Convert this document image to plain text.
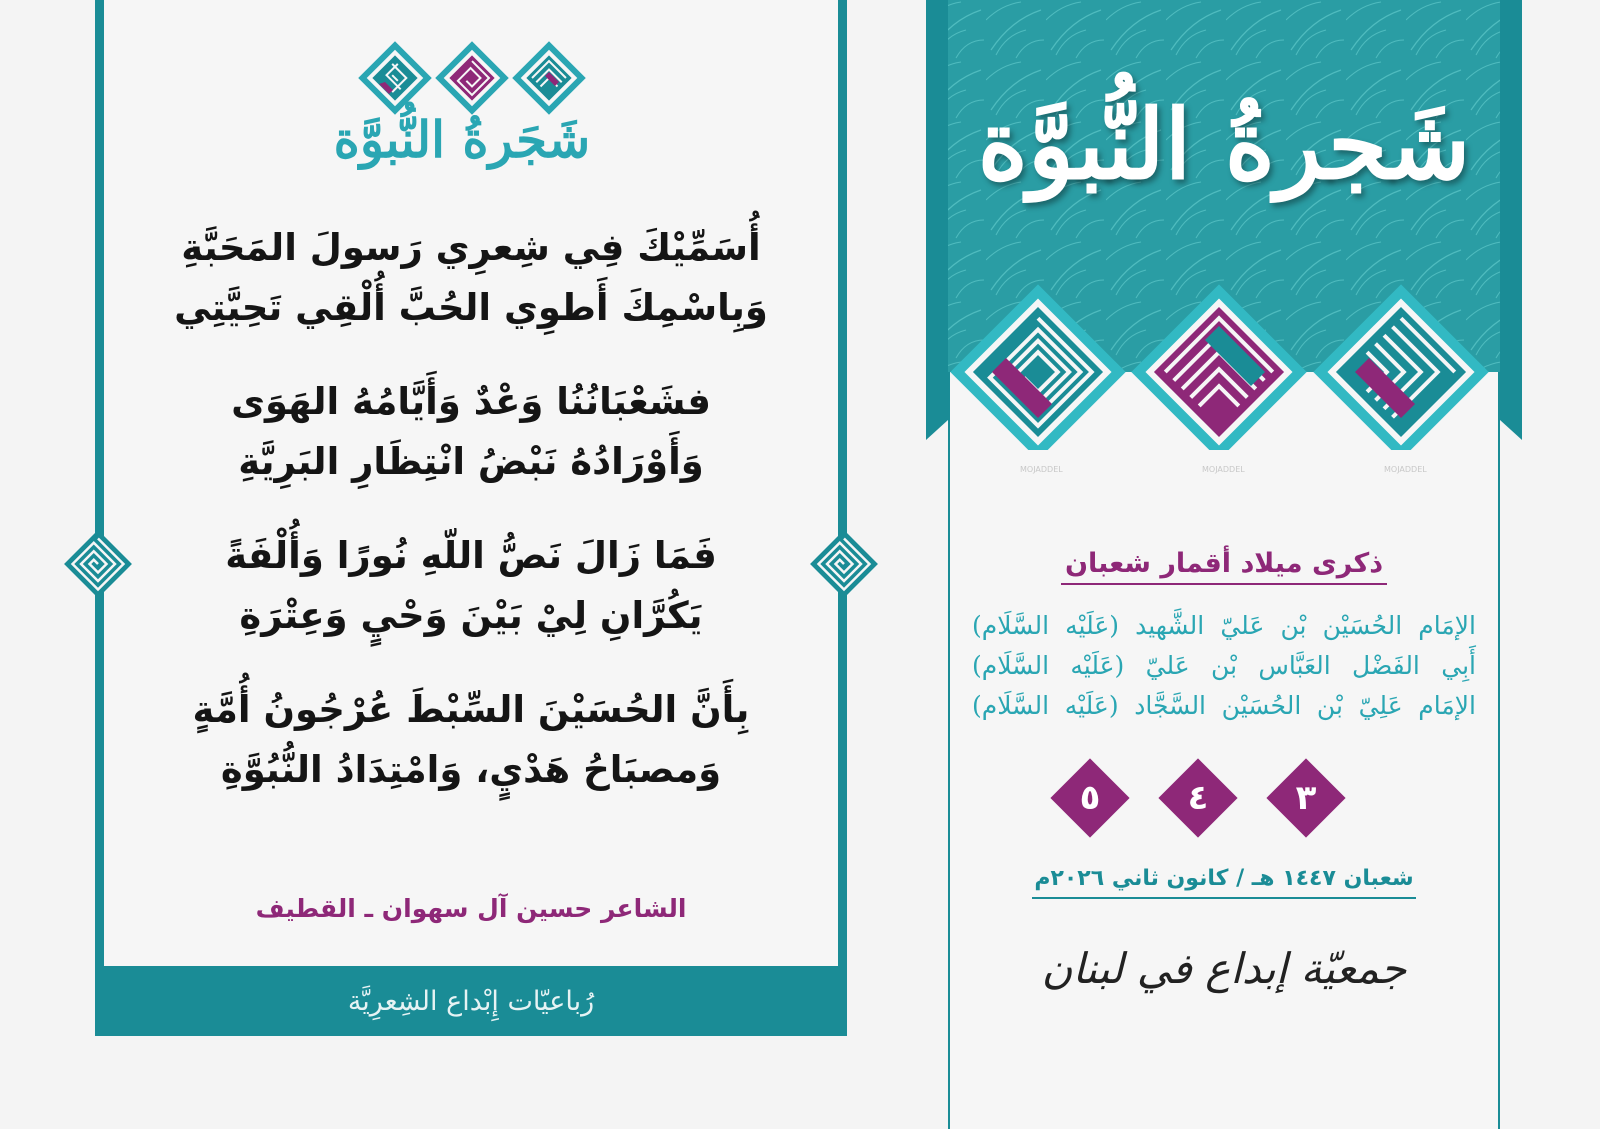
شَجَرةُ النُّبوَّة
أُسَمِّيْكَ فِي شِعرِي رَسولَ المَحَبَّةِ
وَبِاسْمِكَ أَطوِي الحُبَّ أُلْقِي تَحِيَّتِي
فشَعْبَانُنُا وَعْدٌ وَأَيَّامُهُ الهَوَى
وَأَوْرَادُهُ نَبْضُ انْتِظَارِ البَرِيَّةِ
فَمَا زَالَ نَصُّ اللّهِ نُورًا وَأُلْفَةً
يَكُرَّانِ لِيْ بَيْنَ وَحْيٍ وَعِتْرَةِ
بِأَنَّ الحُسَيْنَ السِّبْطَ عُرْجُونُ أُمَّةٍ
وَمصبَاحُ هَدْيٍ، وَامْتِدَادُ النُّبُوَّةِ
الشاعر حسين آل سهوان ـ القطيف
رُباعيّات إِبْداع الشِعرِيَّة
شَجرةُ النُّبوَّة
MOJADDEL	MOJADDEL	MOJADDEL
ذكرى ميلاد أقمار شعبان
الإمَام الحُسَيْن بْن عَليّ الشَّهيد (عَلَيْه السَّلَام)
أَبِي الفَضْل العَبَّاس بْن عَليّ (عَلَيْه السَّلَام)
الإمَام عَلِيّ بْن الحُسَيْن السَّجَّاد (عَلَيْه السَّلَام)
٣
٤
٥
شعبان ١٤٤٧ هـ / كانون ثاني ٢٠٢٦م
جمعيّة إبداع في لبنان
